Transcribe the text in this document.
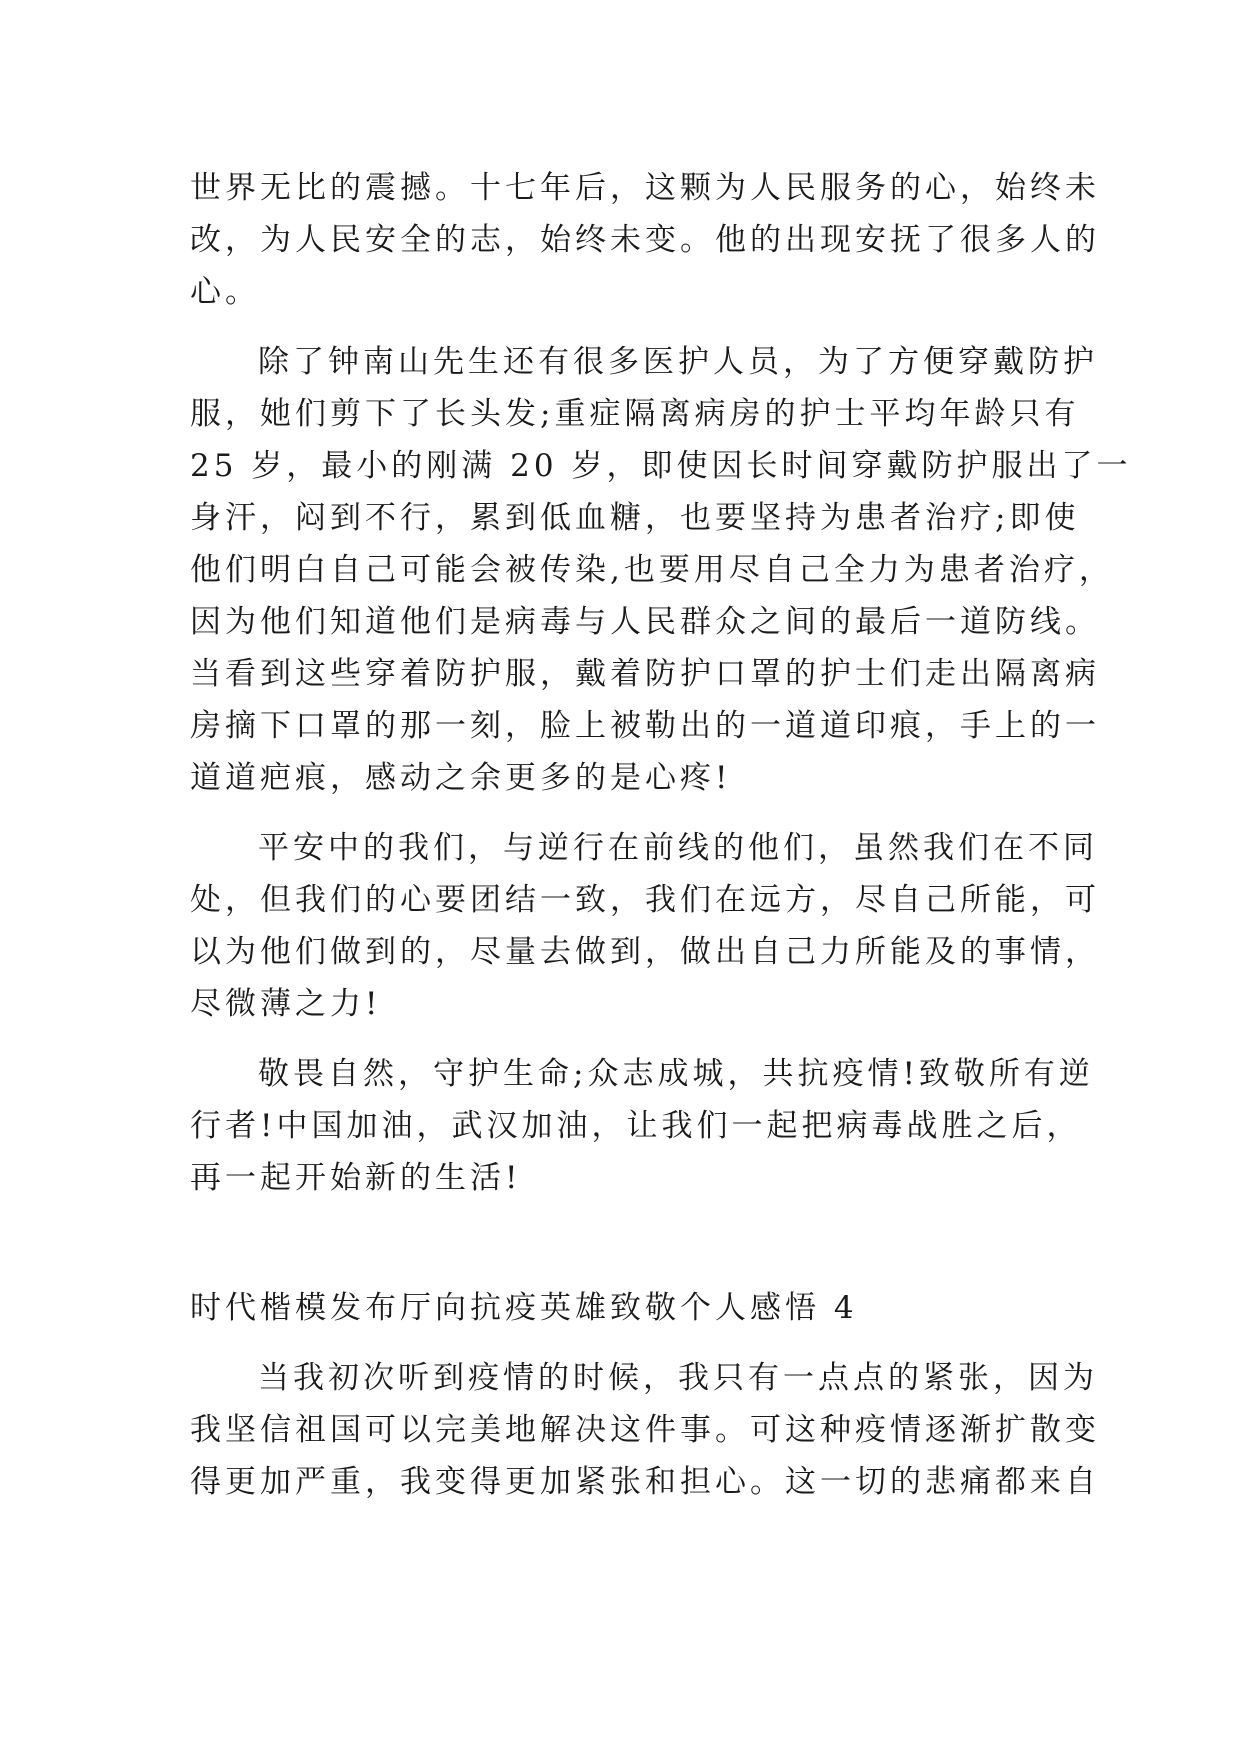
世界无比的震撼。十七年后，这颗为人民服务的心，始终未
改，为人民安全的志，始终未变。他的出现安抚了很多人的
心。
除了钟南山先生还有很多医护人员，为了方便穿戴防护
服，她们剪下了长头发;重症隔离病房的护士平均年龄只有
25 岁，最小的刚满 20 岁，即使因长时间穿戴防护服出了一
身汗，闷到不行，累到低血糖，也要坚持为患者治疗;即使
他们明白自己可能会被传染,也要用尽自己全力为患者治疗，
因为他们知道他们是病毒与人民群众之间的最后一道防线。
当看到这些穿着防护服，戴着防护口罩的护士们走出隔离病
房摘下口罩的那一刻，脸上被勒出的一道道印痕，手上的一
道道疤痕，感动之余更多的是心疼!
平安中的我们，与逆行在前线的他们，虽然我们在不同
处，但我们的心要团结一致，我们在远方，尽自己所能，可
以为他们做到的，尽量去做到，做出自己力所能及的事情，
尽微薄之力!
敬畏自然，守护生命;众志成城，共抗疫情!致敬所有逆
行者!中国加油，武汉加油，让我们一起把病毒战胜之后，
再一起开始新的生活!
时代楷模发布厅向抗疫英雄致敬个人感悟 4
当我初次听到疫情的时候，我只有一点点的紧张，因为
我坚信祖国可以完美地解决这件事。可这种疫情逐渐扩散变
得更加严重，我变得更加紧张和担心。这一切的悲痛都来自
